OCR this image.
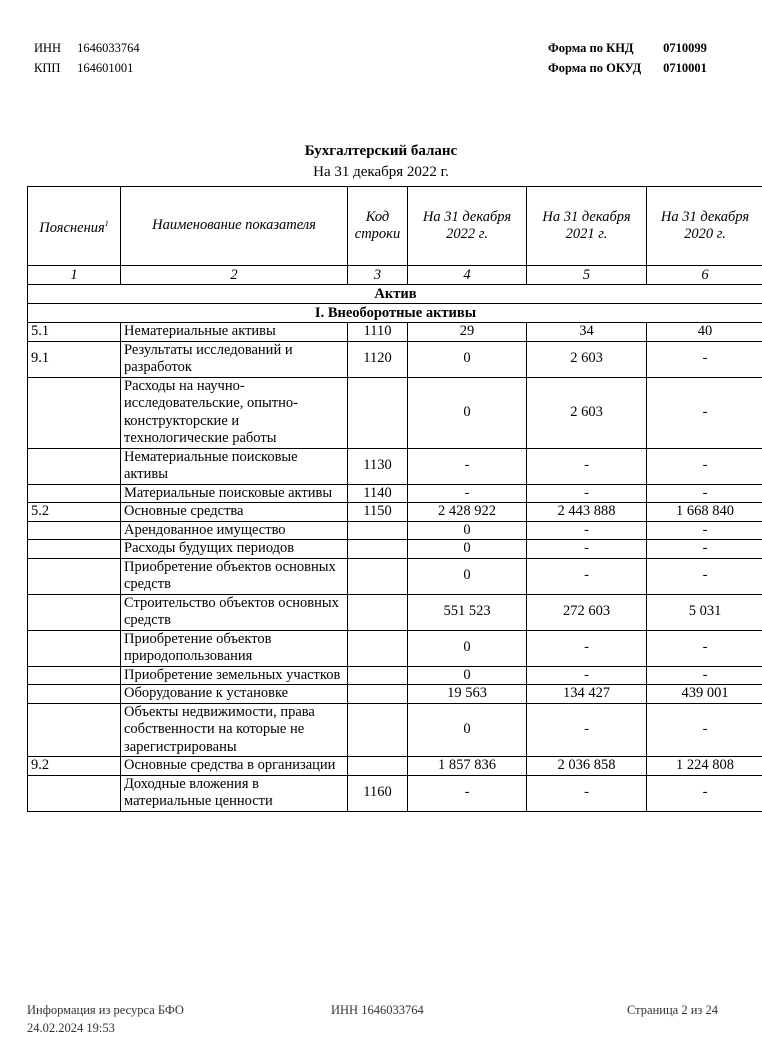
ИНН 1646033764
КПП 164601001
Форма по КНД 0710099
Форма по ОКУД 0710001
Бухгалтерский баланс
На 31 декабря 2022 г.
Пояснения$^1$	Наименование показателя	Код строки	На 31 декабря 2022 г.	На 31 декабря 2021 г.	На 31 декабря 2020 г.
1	2	3	4	5	6
Актив					
I. Внеоборотные активы					
5.1	Нематериальные активы	1110	29	34	40
9.1	Результаты исследований и разработок	1120	0	2 603	-
	Расходы на научно-исследовательские, опытно-конструкторские и технологические работы		0	2 603	-
	Нематериальные поисковые активы	1130	-	-	-
	Материальные поисковые активы	1140	-	-	-
5.2	Основные средства	1150	2 428 922	2 443 888	1 668 840
	Арендованное имущество		0	-	-
	Расходы будущих периодов		0	-	-
	Приобретение объектов основных средств		0	-	-
	Строительство объектов основных средств		551 523	272 603	5 031
	Приобретение объектов природопользования		0	-	-
	Приобретение земельных участков		0	-	-
	Оборудование к установке		19 563	134 427	439 001
	Объекты недвижимости, права собственности на которые не зарегистрированы		0	-	-
9.2	Основные средства в организации		1 857 836	2 036 858	1 224 808
	Доходные вложения в материальные ценности	1160	-	-	-
Информация из ресурса БФО
24.02.2024 19:53
ИНН 1646033764	Страница 2 из 24
